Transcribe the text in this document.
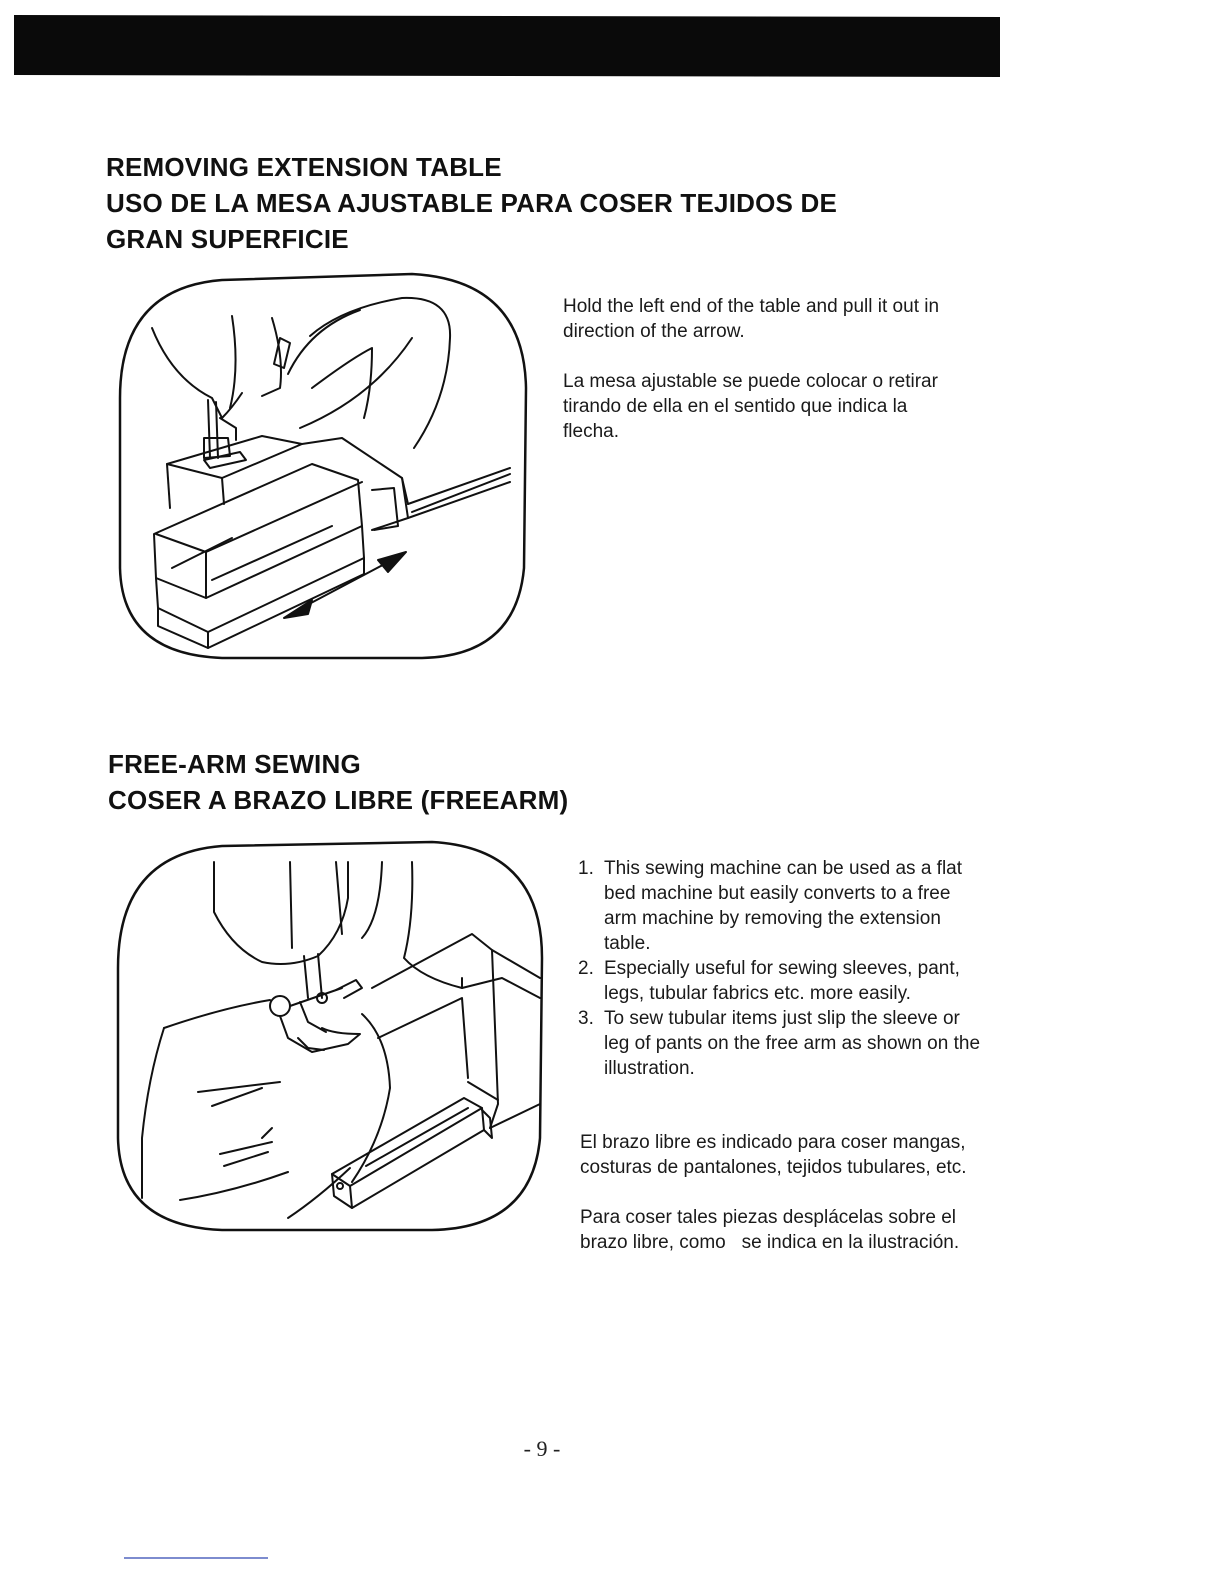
REMOVING EXTENSION TABLE
USO DE LA MESA AJUSTABLE PARA COSER TEJIDOS DE
GRAN SUPERFICIE

Hold the left end of the table and pull it out in direction of the arrow.

La mesa ajustable se puede colocar o retirar tirando de ella en el sentido que indica la flecha.

FREE-ARM SEWING
COSER A BRAZO LIBRE (FREEARM)
1. This sewing machine can be used as a flat bed machine but easily converts to a free arm machine by removing the extension table.
2. Especially useful for sewing sleeves, pant, legs, tubular fabrics etc. more easily.
3. To sew tubular items just slip the sleeve or leg of pants on the free arm as shown on the illustration.

El brazo libre es indicado para coser mangas, costuras de pantalones, tejidos tubulares, etc.

Para coser tales piezas desplácelas sobre el brazo libre, como   se indica en la ilustración.

- 9 -
